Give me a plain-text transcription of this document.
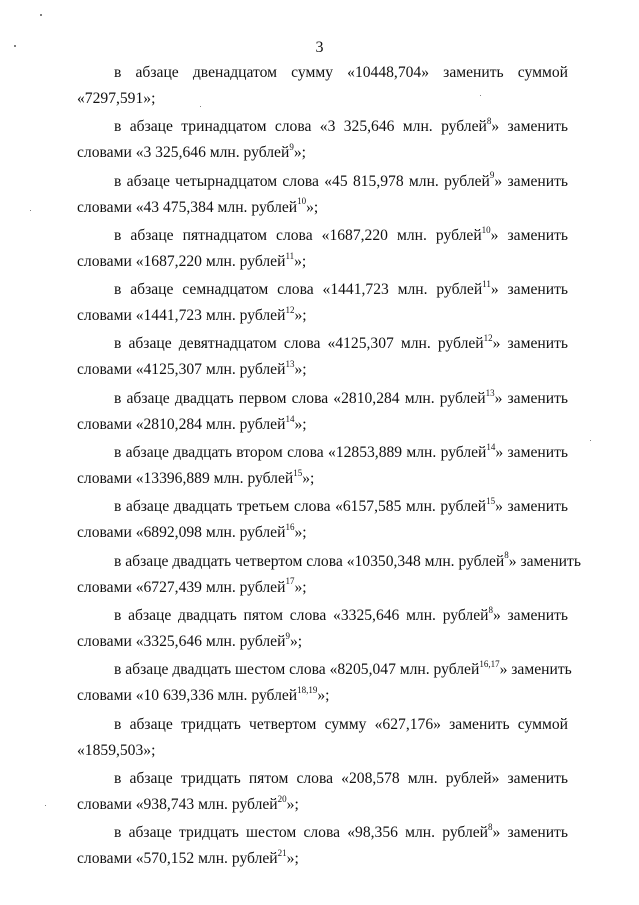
3
в абзаце двенадцатом сумму «10448,704» заменить суммой
«7297,591»;
в абзаце тринадцатом слова «3 325,646 млн. рублей$^8$» заменить
словами «3 325,646 млн. рублей$^9$»;
в абзаце четырнадцатом слова «45 815,978 млн. рублей$^9$» заменить
словами «43 475,384 млн. рублей$^{10}$»;
в абзаце пятнадцатом слова «1687,220 млн. рублей$^{10}$» заменить
словами «1687,220 млн. рублей$^{11}$»;
в абзаце семнадцатом слова «1441,723 млн. рублей$^{11}$» заменить
словами «1441,723 млн. рублей$^{12}$»;
в абзаце девятнадцатом слова «4125,307 млн. рублей$^{12}$» заменить
словами «4125,307 млн. рублей$^{13}$»;
в абзаце двадцать первом слова «2810,284 млн. рублей$^{13}$» заменить
словами «2810,284 млн. рублей$^{14}$»;
в абзаце двадцать втором слова «12853,889 млн. рублей$^{14}$» заменить
словами «13396,889 млн. рублей$^{15}$»;
в абзаце двадцать третьем слова «6157,585 млн. рублей$^{15}$» заменить
словами «6892,098 млн. рублей$^{16}$»;
в абзаце двадцать четвертом слова «10350,348 млн. рублей$^8$» заменить
словами «6727,439 млн. рублей$^{17}$»;
в абзаце двадцать пятом слова «3325,646 млн. рублей$^8$» заменить
словами «3325,646 млн. рублей$^9$»;
в абзаце двадцать шестом слова «8205,047 млн. рублей$^{16,17}$» заменить
словами «10 639,336 млн. рублей$^{18,19}$»;
в абзаце тридцать четвертом сумму «627,176» заменить суммой
«1859,503»;
в абзаце тридцать пятом слова «208,578 млн. рублей» заменить
словами «938,743 млн. рублей$^{20}$»;
в абзаце тридцать шестом слова «98,356 млн. рублей$^8$» заменить
словами «570,152 млн. рублей$^{21}$»;
